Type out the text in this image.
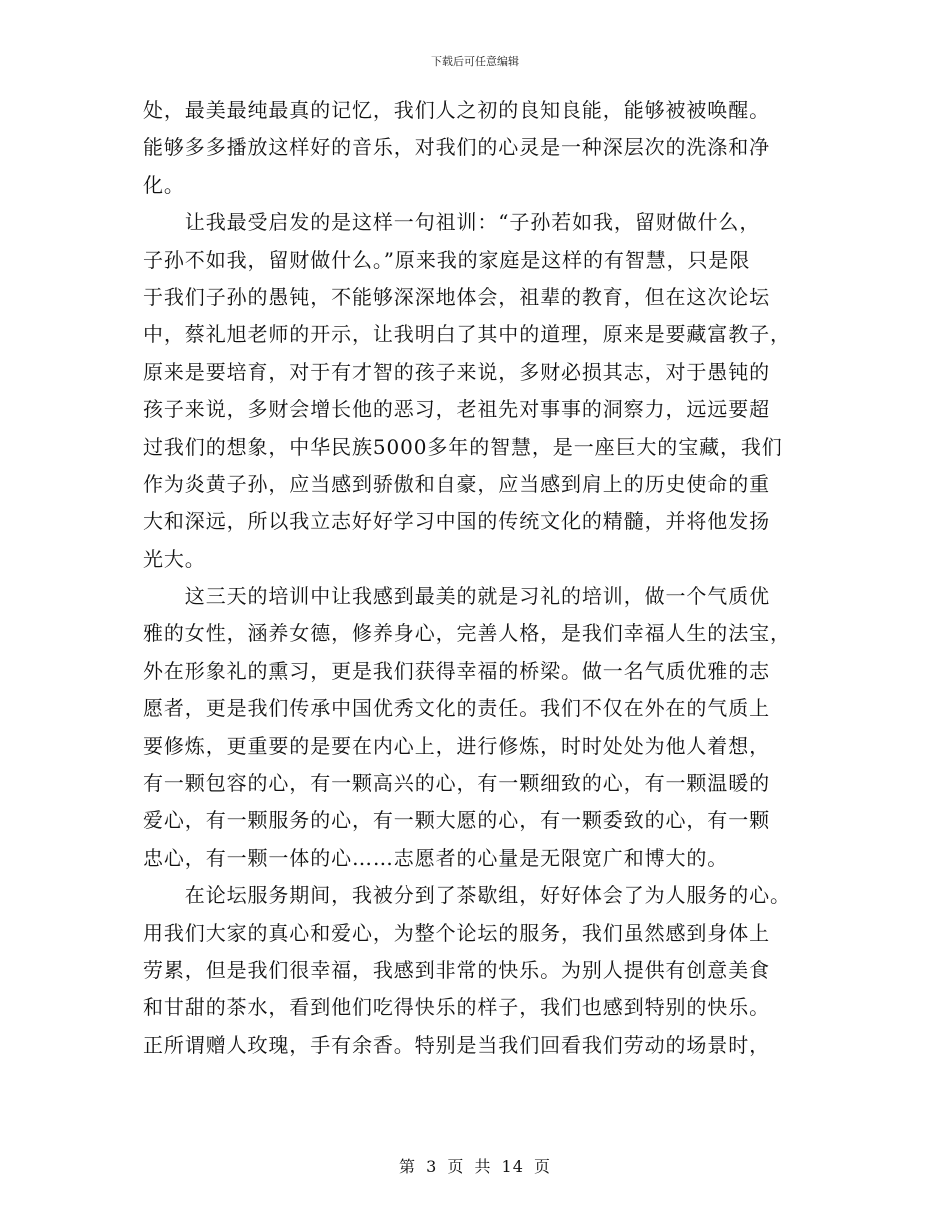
下载后可任意编辑
处，最美最纯最真的记忆，我们人之初的良知良能，能够被被唤醒。
能够多多播放这样好的音乐，对我们的心灵是一种深层次的洗涤和净
化。
　　让我最受启发的是这样一句祖训：“子孙若如我，留财做什么，
子孙不如我，留财做什么。”原来我的家庭是这样的有智慧，只是限
于我们子孙的愚钝，不能够深深地体会，祖辈的教育，但在这次论坛
中，蔡礼旭老师的开示，让我明白了其中的道理，原来是要藏富教子，
原来是要培育，对于有才智的孩子来说，多财必损其志，对于愚钝的
孩子来说，多财会增长他的恶习，老祖先对事事的洞察力，远远要超
过我们的想象，中华民族5000多年的智慧，是一座巨大的宝藏，我们
作为炎黄子孙，应当感到骄傲和自豪，应当感到肩上的历史使命的重
大和深远，所以我立志好好学习中国的传统文化的精髓，并将他发扬
光大。
　　这三天的培训中让我感到最美的就是习礼的培训，做一个气质优
雅的女性，涵养女德，修养身心，完善人格，是我们幸福人生的法宝，
外在形象礼的熏习，更是我们获得幸福的桥梁。做一名气质优雅的志
愿者，更是我们传承中国优秀文化的责任。我们不仅在外在的气质上
要修炼，更重要的是要在内心上，进行修炼，时时处处为他人着想，
有一颗包容的心，有一颗高兴的心，有一颗细致的心，有一颗温暖的
爱心，有一颗服务的心，有一颗大愿的心，有一颗委致的心，有一颗
忠心，有一颗一体的心……志愿者的心量是无限宽广和博大的。
　　在论坛服务期间，我被分到了茶歇组，好好体会了为人服务的心。
用我们大家的真心和爱心，为整个论坛的服务，我们虽然感到身体上
劳累，但是我们很幸福，我感到非常的快乐。为别人提供有创意美食
和甘甜的茶水，看到他们吃得快乐的样子，我们也感到特别的快乐。
正所谓赠人玫瑰，手有余香。特别是当我们回看我们劳动的场景时，
第 3 页 共 14 页
